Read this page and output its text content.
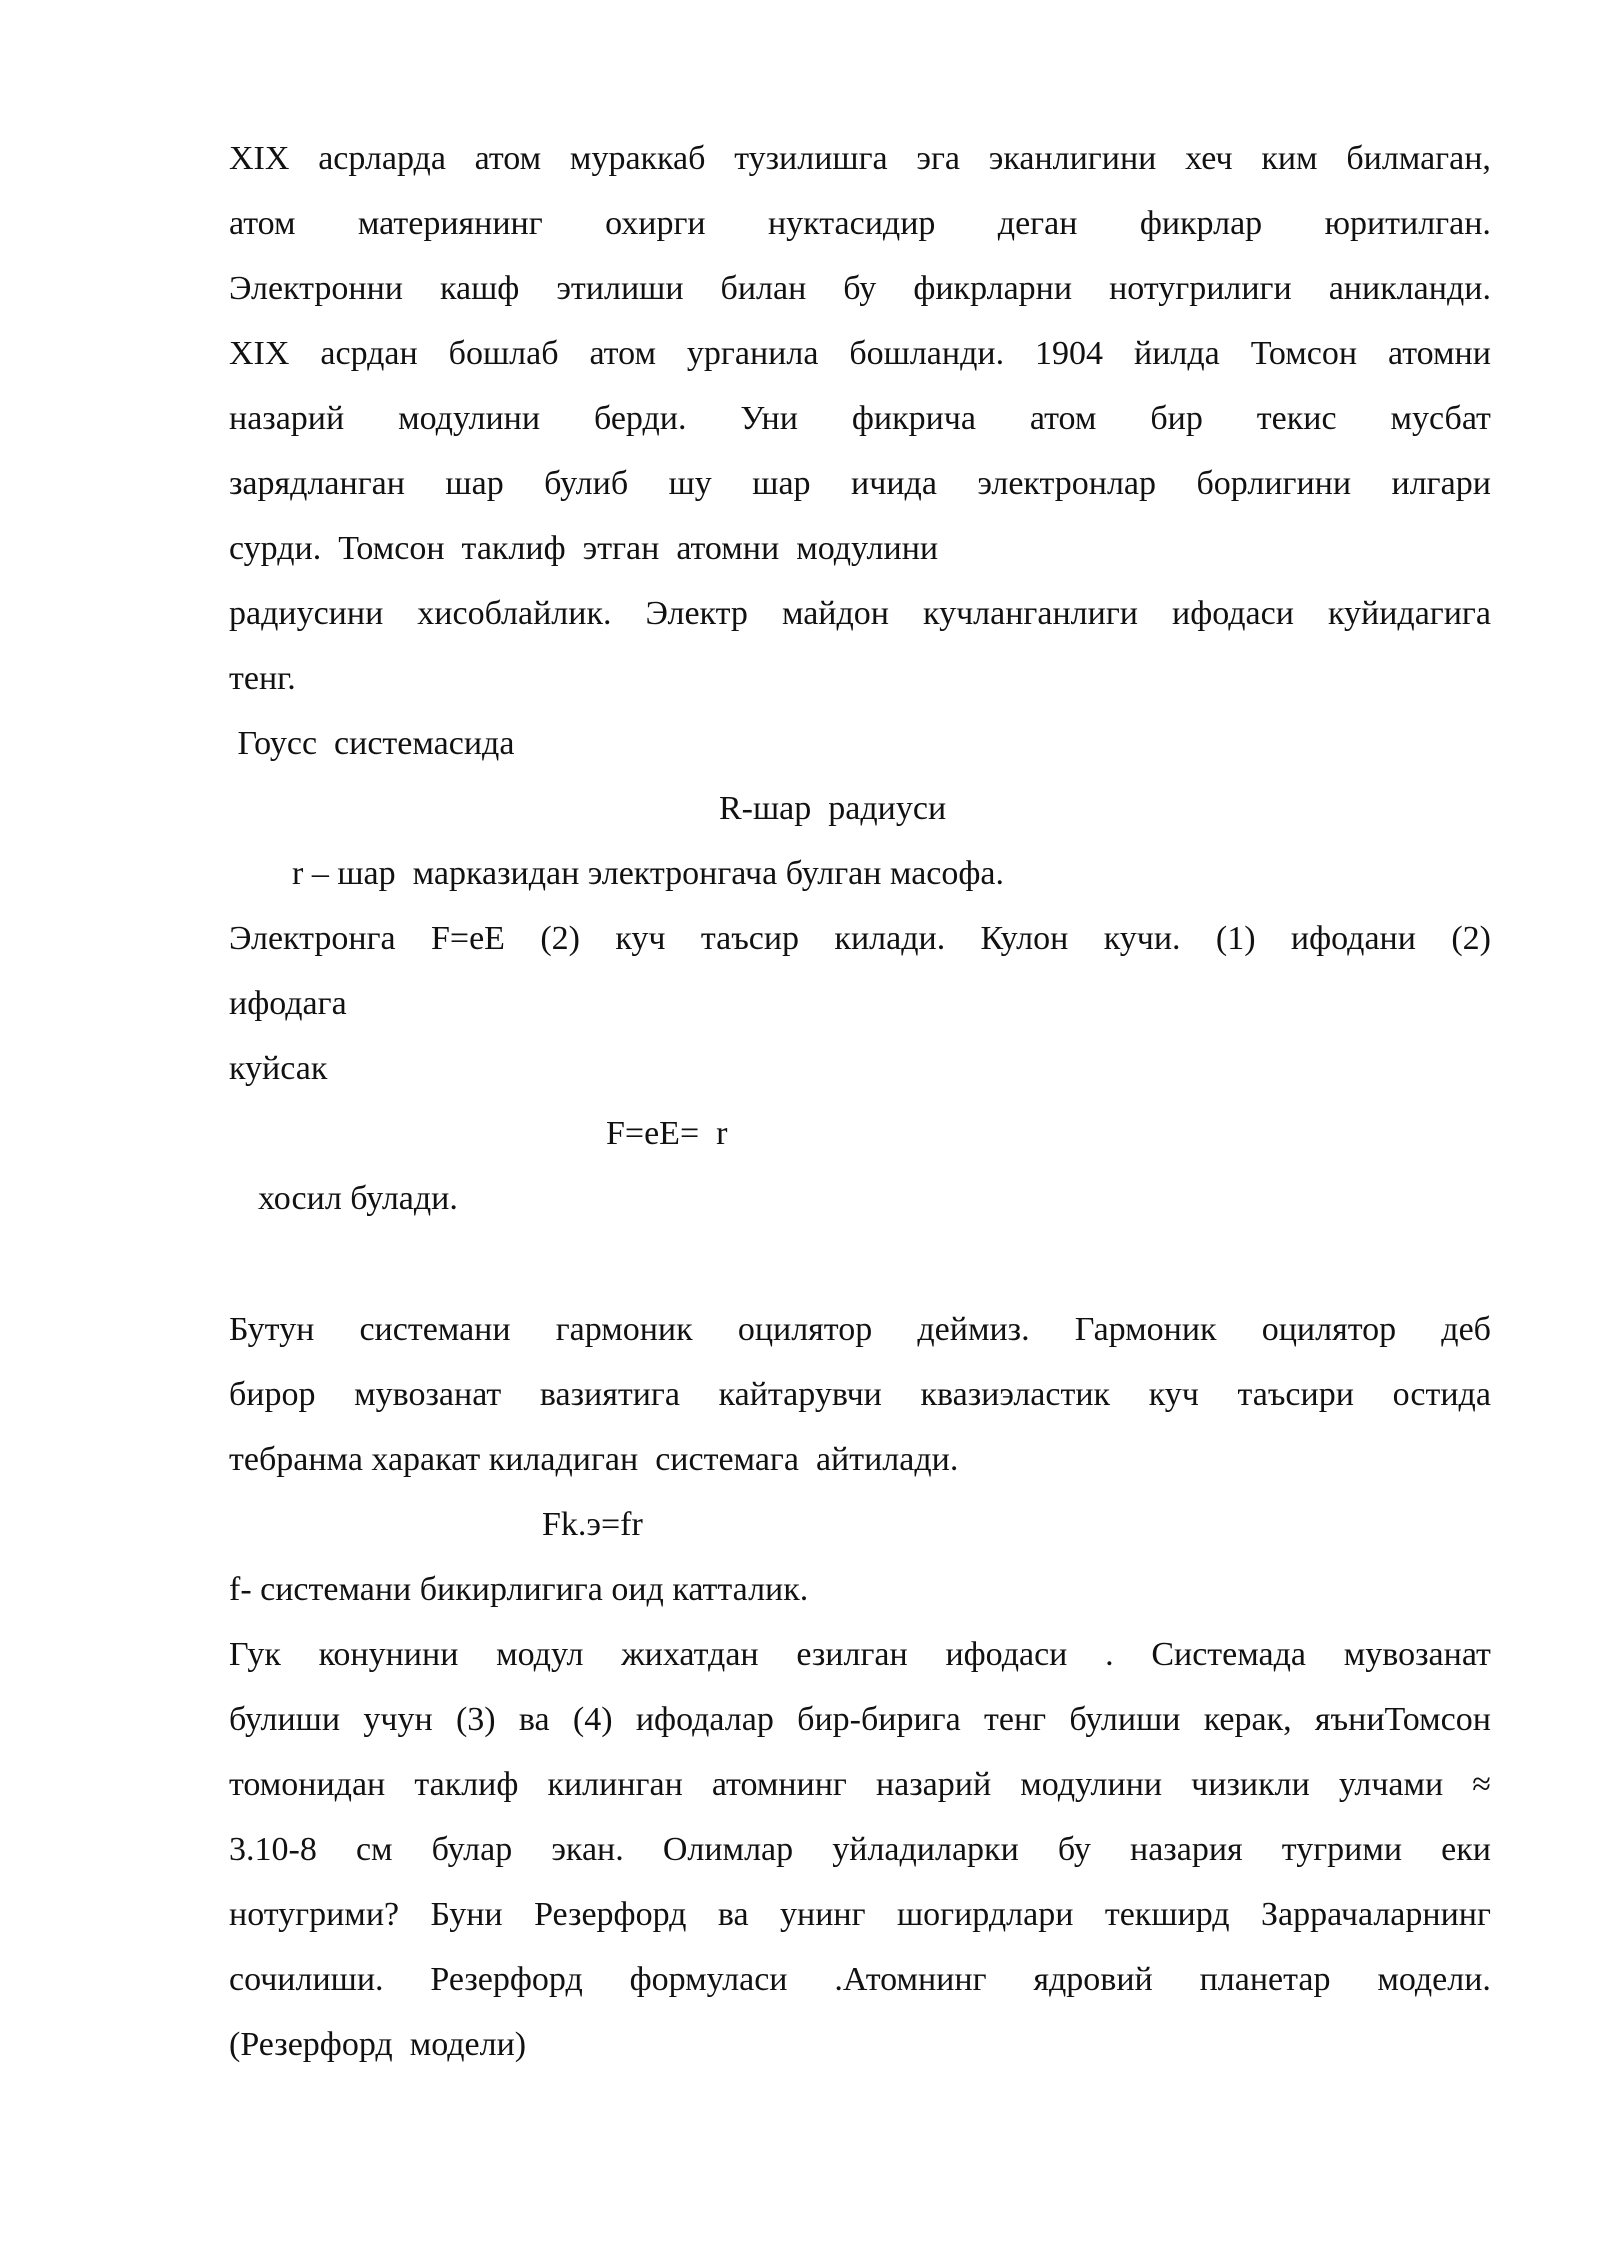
XIX асрларда атом мураккаб тузилишга эга эканлигини хеч ким билмаган,
атом материянинг охирги нуктасидир деган фикрлар юритилган.
Электронни кашф этилиши билан бу фикрларни нотугрилиги аникланди.
XIX асрдан бошлаб атом урганила бошланди. 1904 йилда Томсон атомни
назарий модулини берди. Уни фикрича атом бир текис мусбат
зарядланган шар булиб шу шар ичида электронлар борлигини илгари
сурди.  Томсон  таклиф  этган  атомни  модулини
радиусини хисоблайлик. Электр майдон кучланганлиги ифодаси куйидагига
тенг.
Гоусс  системасида
R-шар  радиуси
r – шар  марказидан электронгача булган масофа.
Электронга F=eE (2) куч таъсир килади. Кулон кучи. (1) ифодани (2)
ифодага
куйсак
F=eE=  r
хосил булади.
Бутун системани гармоник оцилятор деймиз. Гармоник оцилятор деб
бирор мувозанат вазиятига кайтарувчи квазиэластик куч таъсири остида
тебранма харакат киладиган  системага  айтилади.
Fk.э=fr
f- системани бикирлигига оид катталик.
Гук конунини модул жихатдан езилган ифодаси . Системада мувозанат
булиши учун (3) ва (4) ифодалар бир-бирига тенг булиши керак, яъниТомсон
томонидан таклиф килинган атомнинг назарий модулини чизикли улчами ≈
3.10-8 см булар экан. Олимлар уйладиларки бу назария тугрими еки
нотугрими? Буни Резерфорд ва унинг шогирдлари текширд Заррачаларнинг
сочилиши. Резерфорд формуласи .Атомнинг ядровий планетар модели.
(Резерфорд  модели)
